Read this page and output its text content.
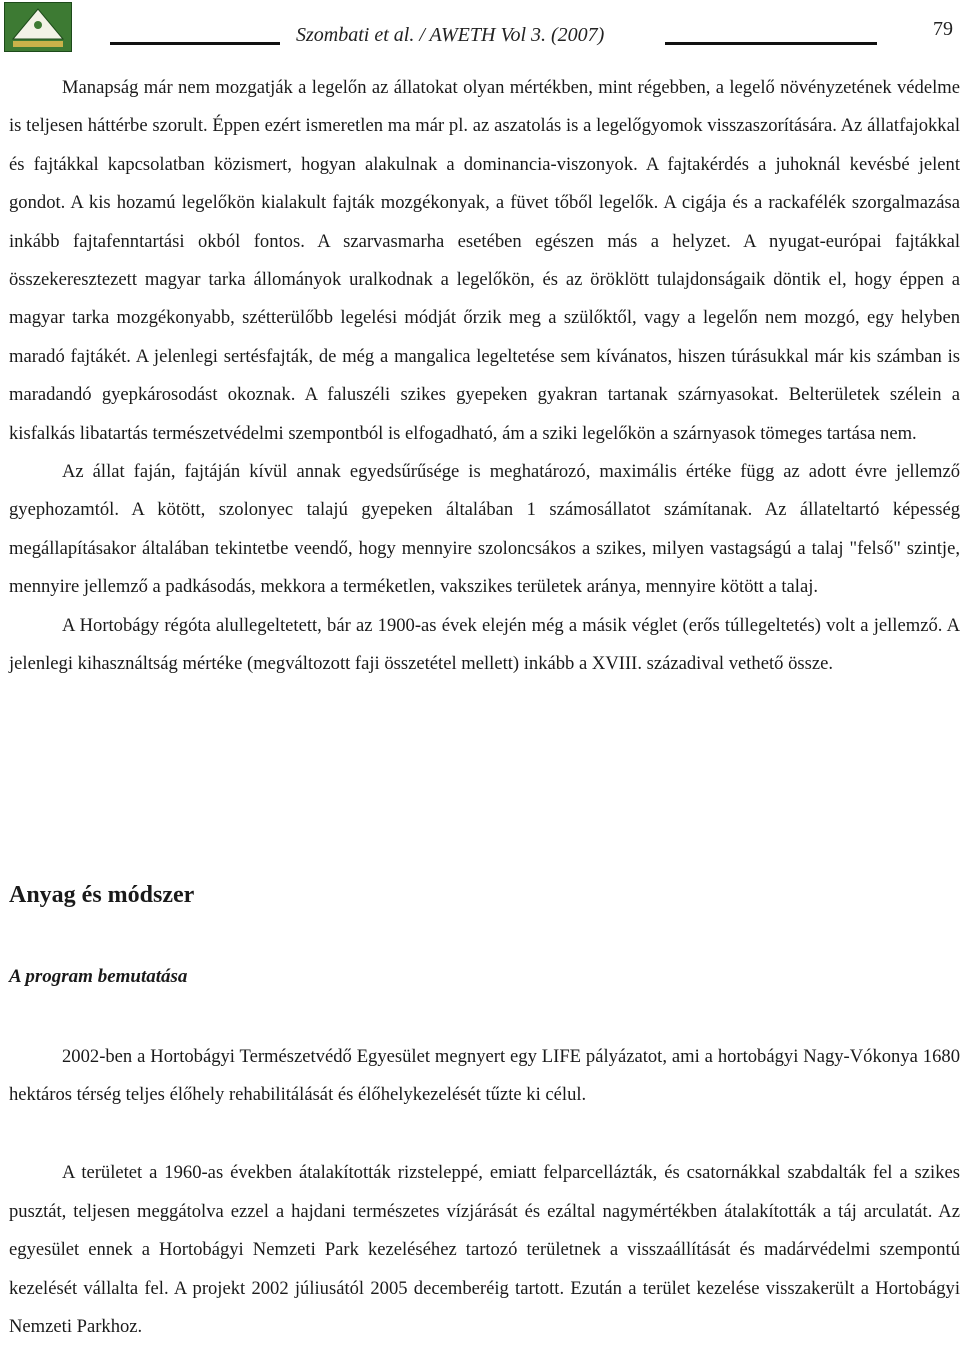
Szombati et al. / AWETH Vol 3. (2007)	79

Manapság már nem mozgatják a legelőn az állatokat olyan mértékben, mint régebben, a legelő növényzetének védelme is teljesen háttérbe szorult. Éppen ezért ismeretlen ma már pl. az aszatolás is a legelőgyomok visszaszorítására. Az állatfajokkal és fajtákkal kapcsolatban közismert, hogyan alakulnak a dominancia-viszonyok. A fajtakérdés a juhoknál kevésbé jelent gondot. A kis hozamú legelőkön kialakult fajták mozgékonyak, a füvet tőből legelők. A cigája és a rackafélék szorgalmazása inkább fajtafenntartási okból fontos. A szarvasmarha esetében egészen más a helyzet. A nyugat-európai fajtákkal összekeresztezett magyar tarka állományok uralkodnak a legelőkön, és az öröklött tulajdonságaik döntik el, hogy éppen a magyar tarka mozgékonyabb, szétterülőbb legelési módját őrzik meg a szülőktől, vagy a legelőn nem mozgó, egy helyben maradó fajtákét. A jelenlegi sertésfajták, de még a mangalica legeltetése sem kívánatos, hiszen túrásukkal már kis számban is maradandó gyepkárosodást okoznak. A faluszéli szikes gyepeken gyakran tartanak szárnyasokat. Belterületek szélein a kisfalkás libatartás természetvédelmi szempontból is elfogadható, ám a sziki legelőkön a szárnyasok tömeges tartása nem.

Az állat faján, fajtáján kívül annak egyedsűrűsége is meghatározó, maximális értéke függ az adott évre jellemző gyephozamtól. A kötött, szolonyec talajú gyepeken általában 1 számosállatot számítanak. Az állateltartó képesség megállapításakor általában tekintetbe veendő, hogy mennyire szoloncsákos a szikes, milyen vastagságú a talaj "felső" szintje, mennyire jellemző a padkásodás, mekkora a terméketlen, vakszikes területek aránya, mennyire kötött a talaj.

A Hortobágy régóta alullegeltetett, bár az 1900-as évek elején még a másik véglet (erős túllegeltetés) volt a jellemző. A jelenlegi kihasználtság mértéke (megváltozott faji összetétel mellett) inkább a XVIII. századival vethető össze.

Anyag és módszer
A program bemutatása

2002-ben a Hortobágyi Természetvédő Egyesület megnyert egy LIFE pályázatot, ami a hortobágyi Nagy-Vókonya 1680 hektáros térség teljes élőhely rehabilitálását és élőhelykezelését tűzte ki célul.

A területet a 1960-as években átalakították rizsteleppé, emiatt felparcellázták, és csatornákkal szabdalták fel a szikes pusztát, teljesen meggátolva ezzel a hajdani természetes vízjárását és ezáltal nagymértékben átalakították a táj arculatát. Az egyesület ennek a Hortobágyi Nemzeti Park kezeléséhez tartozó területnek a visszaállítását és madárvédelmi szempontú kezelését vállalta fel. A projekt 2002 júliusától 2005 decemberéig tartott. Ezután a terület kezelése visszakerült a Hortobágyi Nemzeti Parkhoz.
